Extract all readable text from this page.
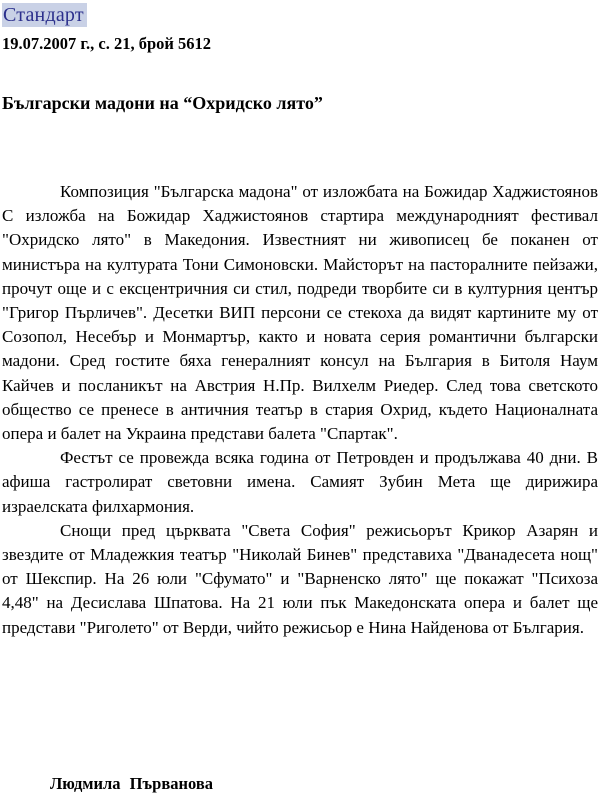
Стандарт
19.07.2007 г., с. 21, брой 5612
Български мадони на “Охридско лято”

Композиция "Българска мадона" от изложбата на Божидар Хаджистоянов С изложба на Божидар Хаджистоянов стартира международният фестивал "Охридско лято" в Македония. Известният ни живописец бе поканен от министъра на културата Тони Симоновски. Майсторът на пасторалните пейзажи, прочут още и с ексцентричния си стил, подреди творбите си в културния център "Григор Пърличев". Десетки ВИП персони се стекоха да видят картините му от Созопол, Несебър и Монмартър, както и новата серия романтични български мадони. Сред гостите бяха генералният консул на България в Битоля Наум Кайчев и посланикът на Австрия Н.Пр. Вилхелм Риедер. След това светското общество се пренесе в античния театър в стария Охрид, където Националната опера и балет на Украина представи балета "Спартак".

Фестът се провежда всяка година от Петровден и продължава 40 дни. В афиша гастролират световни имена. Самият Зубин Мета ще дирижира израелската филхармония.

Снощи пред църквата "Света София" режисьорът Крикор Азарян и звездите от Младежкия театър "Николай Бинев" представиха "Дванадесета нощ" от Шекспир. На 26 юли "Сфумато" и "Варненско лято" ще покажат "Психоза 4,48" на Десислава Шпатова. На 21 юли пък Македонската опера и балет ще представи "Риголето" от Верди, чийто режисьор е Нина Найденова от България.

Людмила Първанова
